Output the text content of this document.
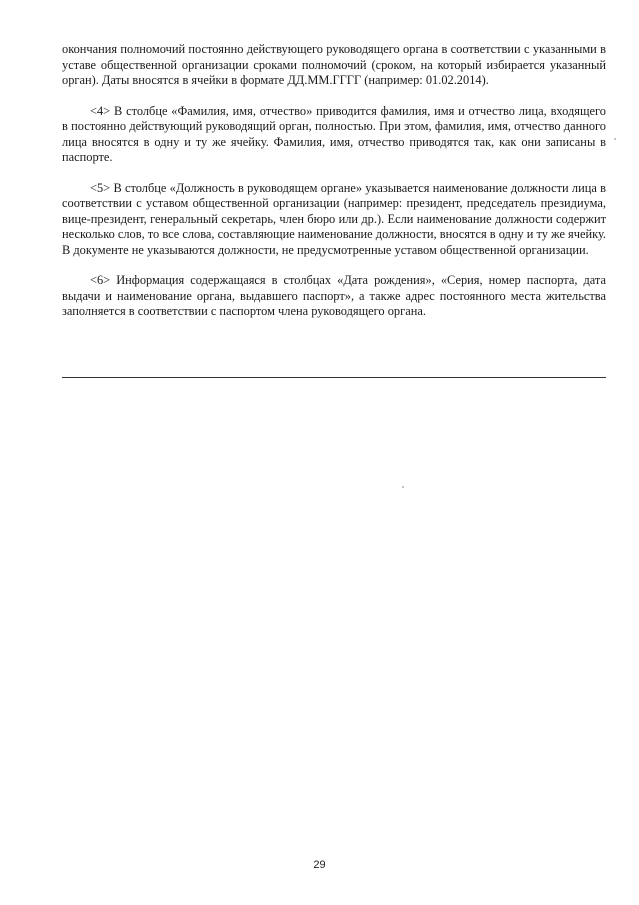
окончания полномочий постоянно действующего руководящего органа в соответствии с указанными в уставе общественной организации сроками полномочий (сроком, на который избирается указанный орган). Даты вносятся в ячейки в формате ДД.ММ.ГГГГ (например: 01.02.2014).

<4> В столбце «Фамилия, имя, отчество» приводится фамилия, имя и отчество лица, входящего в постоянно действующий руководящий орган, полностью. При этом, фамилия, имя, отчество данного лица вносятся в одну и ту же ячейку. Фамилия, имя, отчество приводятся так, как они записаны в паспорте.

<5> В столбце «Должность в руководящем органе» указывается наименование должности лица в соответствии с уставом общественной организации (например: президент, председатель президиума, вице-президент, генеральный секретарь, член бюро или др.). Если наименование должности содержит несколько слов, то все слова, составляющие наименование должности, вносятся в одну и ту же ячейку. В документе не указываются должности, не предусмотренные уставом общественной организации.

<6> Информация содержащаяся в столбцах «Дата рождения», «Серия, номер паспорта, дата выдачи и наименование органа, выдавшего паспорт», а также адрес постоянного места жительства заполняется в соответствии с паспортом члена руководящего органа.

29
